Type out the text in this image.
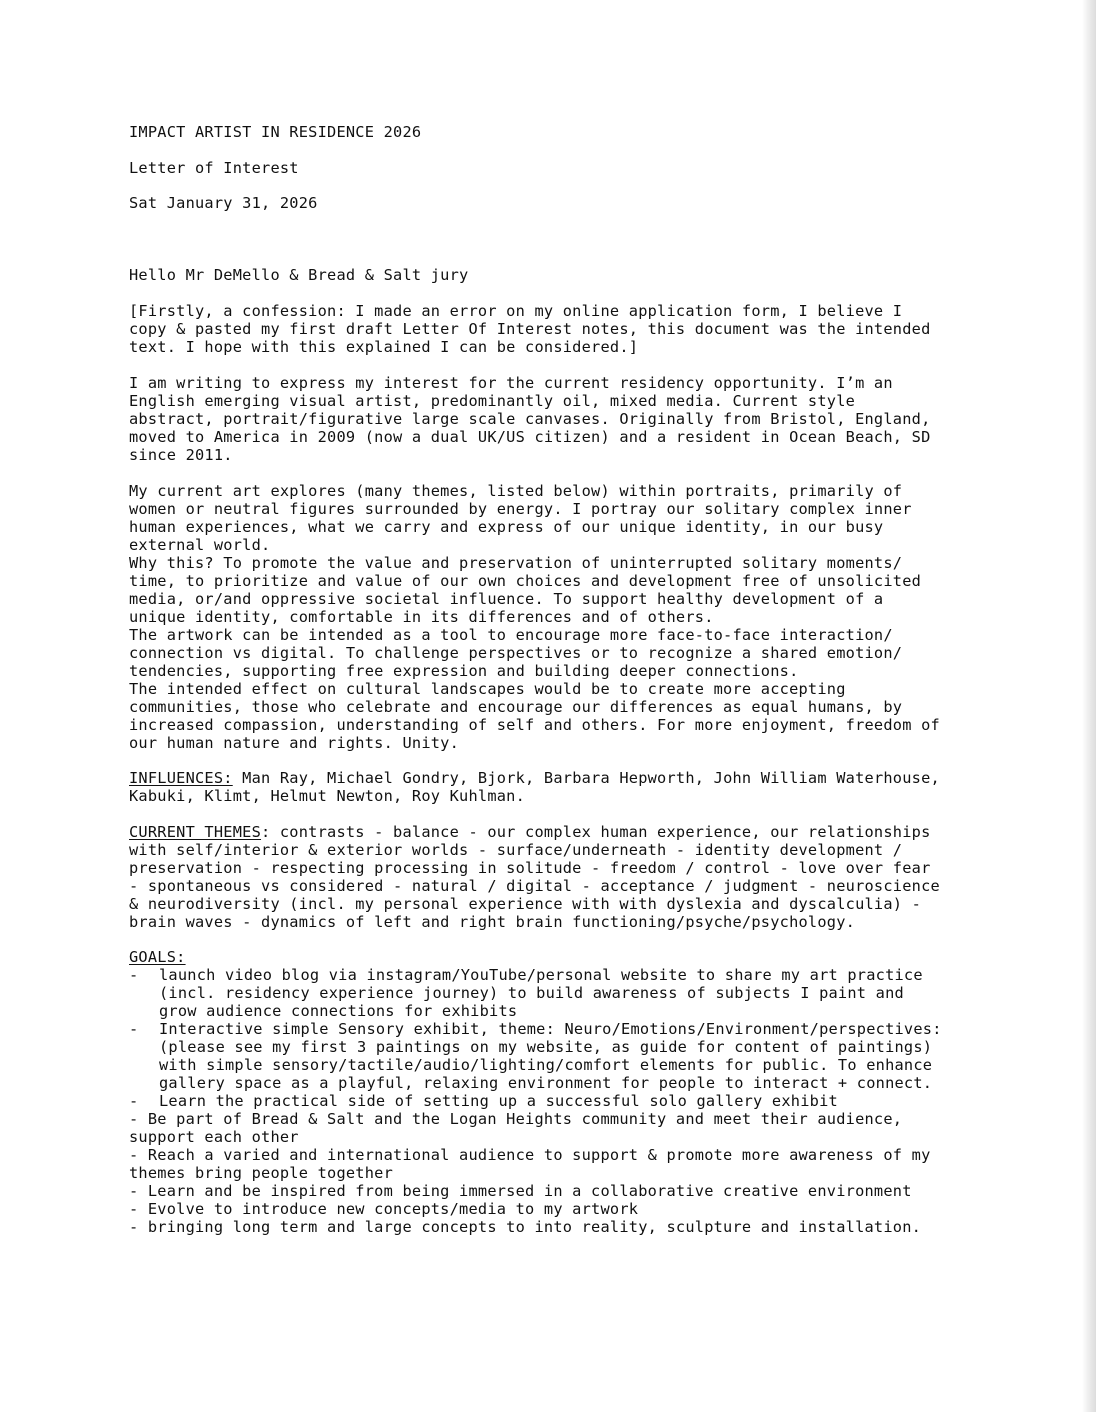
IMPACT ARTIST IN RESIDENCE 2026
Letter of Interest
Sat January 31, 2026
Hello Mr DeMello & Bread & Salt jury
[Firstly, a confession: I made an error on my online application form, I believe I
copy & pasted my first draft Letter Of Interest notes, this document was the intended
text. I hope with this explained I can be considered.]
I am writing to express my interest for the current residency opportunity. I’m an
English emerging visual artist, predominantly oil, mixed media. Current style
abstract, portrait/figurative large scale canvases. Originally from Bristol, England,
moved to America in 2009 (now a dual UK/US citizen) and a resident in Ocean Beach, SD
since 2011.
My current art explores (many themes, listed below) within portraits, primarily of
women or neutral figures surrounded by energy. I portray our solitary complex inner
human experiences, what we carry and express of our unique identity, in our busy
external world.
Why this? To promote the value and preservation of uninterrupted solitary moments/
time, to prioritize and value of our own choices and development free of unsolicited
media, or/and oppressive societal influence. To support healthy development of a
unique identity, comfortable in its differences and of others.
The artwork can be intended as a tool to encourage more face-to-face interaction/
connection vs digital. To challenge perspectives or to recognize a shared emotion/
tendencies, supporting free expression and building deeper connections.
The intended effect on cultural landscapes would be to create more accepting
communities, those who celebrate and encourage our differences as equal humans, by
increased compassion, understanding of self and others. For more enjoyment, freedom of
our human nature and rights. Unity.
INFLUENCES: Man Ray, Michael Gondry, Bjork, Barbara Hepworth, John William Waterhouse,
Kabuki, Klimt, Helmut Newton, Roy Kuhlman.
CURRENT THEMES: contrasts - balance - our complex human experience, our relationships
with self/interior & exterior worlds - surface/underneath - identity development /
preservation - respecting processing in solitude - freedom / control - love over fear
- spontaneous vs considered - natural / digital - acceptance / judgment - neuroscience
& neurodiversity (incl. my personal experience with with dyslexia and dyscalculia) -
brain waves - dynamics of left and right brain functioning/psyche/psychology.
GOALS:
-	launch video blog via instagram/YouTube/personal website to share my art practice
(incl. residency experience journey) to build awareness of subjects I paint and
grow audience connections for exhibits
-	Interactive simple Sensory exhibit, theme: Neuro/Emotions/Environment/perspectives:
(please see my first 3 paintings on my website, as guide for content of paintings)
with simple sensory/tactile/audio/lighting/comfort elements for public. To enhance
gallery space as a playful, relaxing environment for people to interact + connect.
-	Learn the practical side of setting up a successful solo gallery exhibit
- Be part of Bread & Salt and the Logan Heights community and meet their audience,
support each other
- Reach a varied and international audience to support & promote more awareness of my
themes bring people together
- Learn and be inspired from being immersed in a collaborative creative environment
- Evolve to introduce new concepts/media to my artwork
- bringing long term and large concepts to into reality, sculpture and installation.
